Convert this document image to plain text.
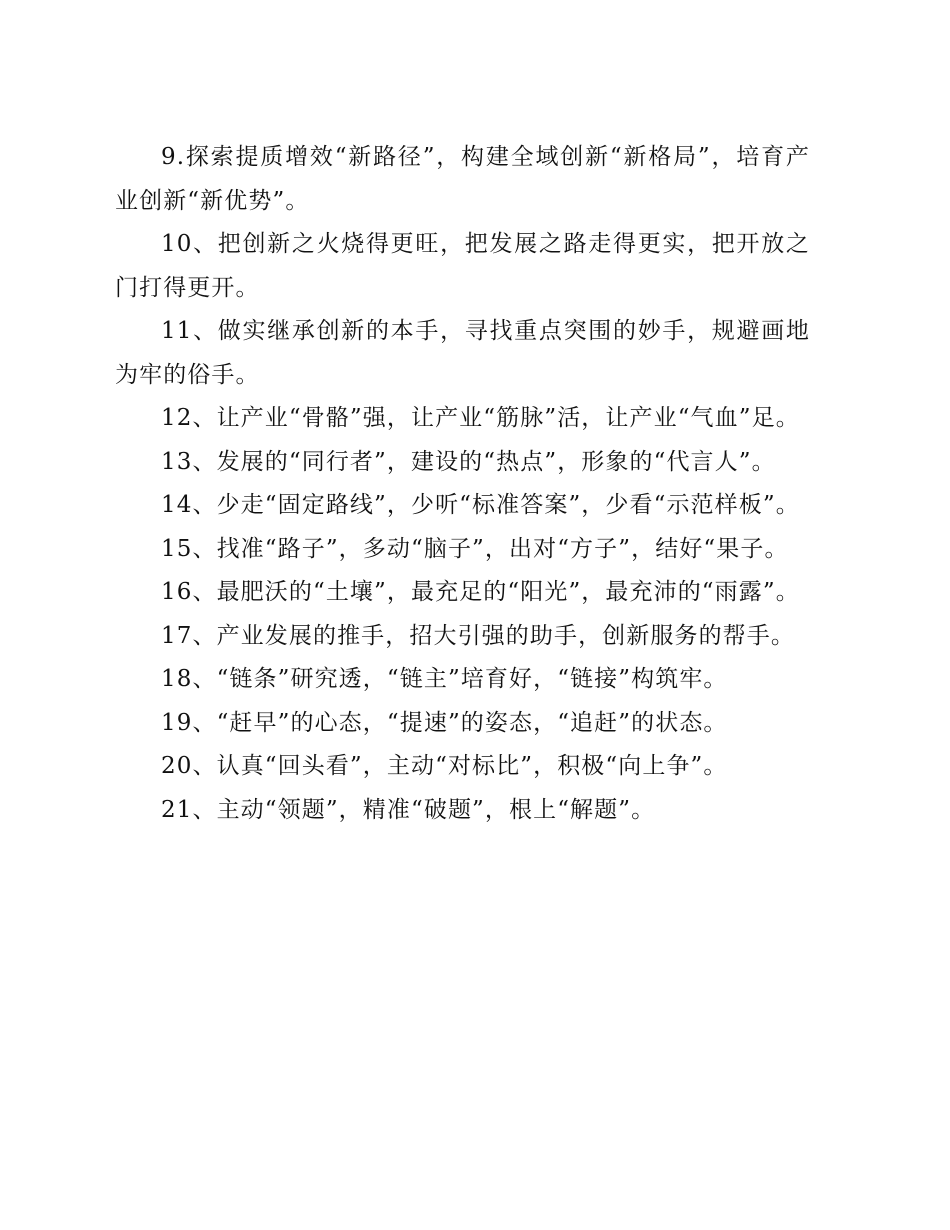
9.探索提质增效“新路径”，构建全域创新“新格局”，培育产业创新“新优势”。

10、把创新之火烧得更旺，把发展之路走得更实，把开放之门打得更开。

11、做实继承创新的本手，寻找重点突围的妙手，规避画地为牢的俗手。

12、让产业“骨骼”强，让产业“筋脉”活，让产业“气血”足。

13、发展的“同行者”，建设的“热点”，形象的“代言人”。

14、少走“固定路线”，少听“标准答案”，少看“示范样板”。

15、找准“路子”，多动“脑子”，出对“方子”，结好“果子。

16、最肥沃的“土壤”，最充足的“阳光”，最充沛的“雨露”。

17、产业发展的推手，招大引强的助手，创新服务的帮手。

18、“链条”研究透，“链主”培育好，“链接”构筑牢。

19、“赶早”的心态，“提速”的姿态，“追赶”的状态。

20、认真“回头看”，主动“对标比”，积极“向上争”。

21、主动“领题”，精准“破题”，根上“解题”。
